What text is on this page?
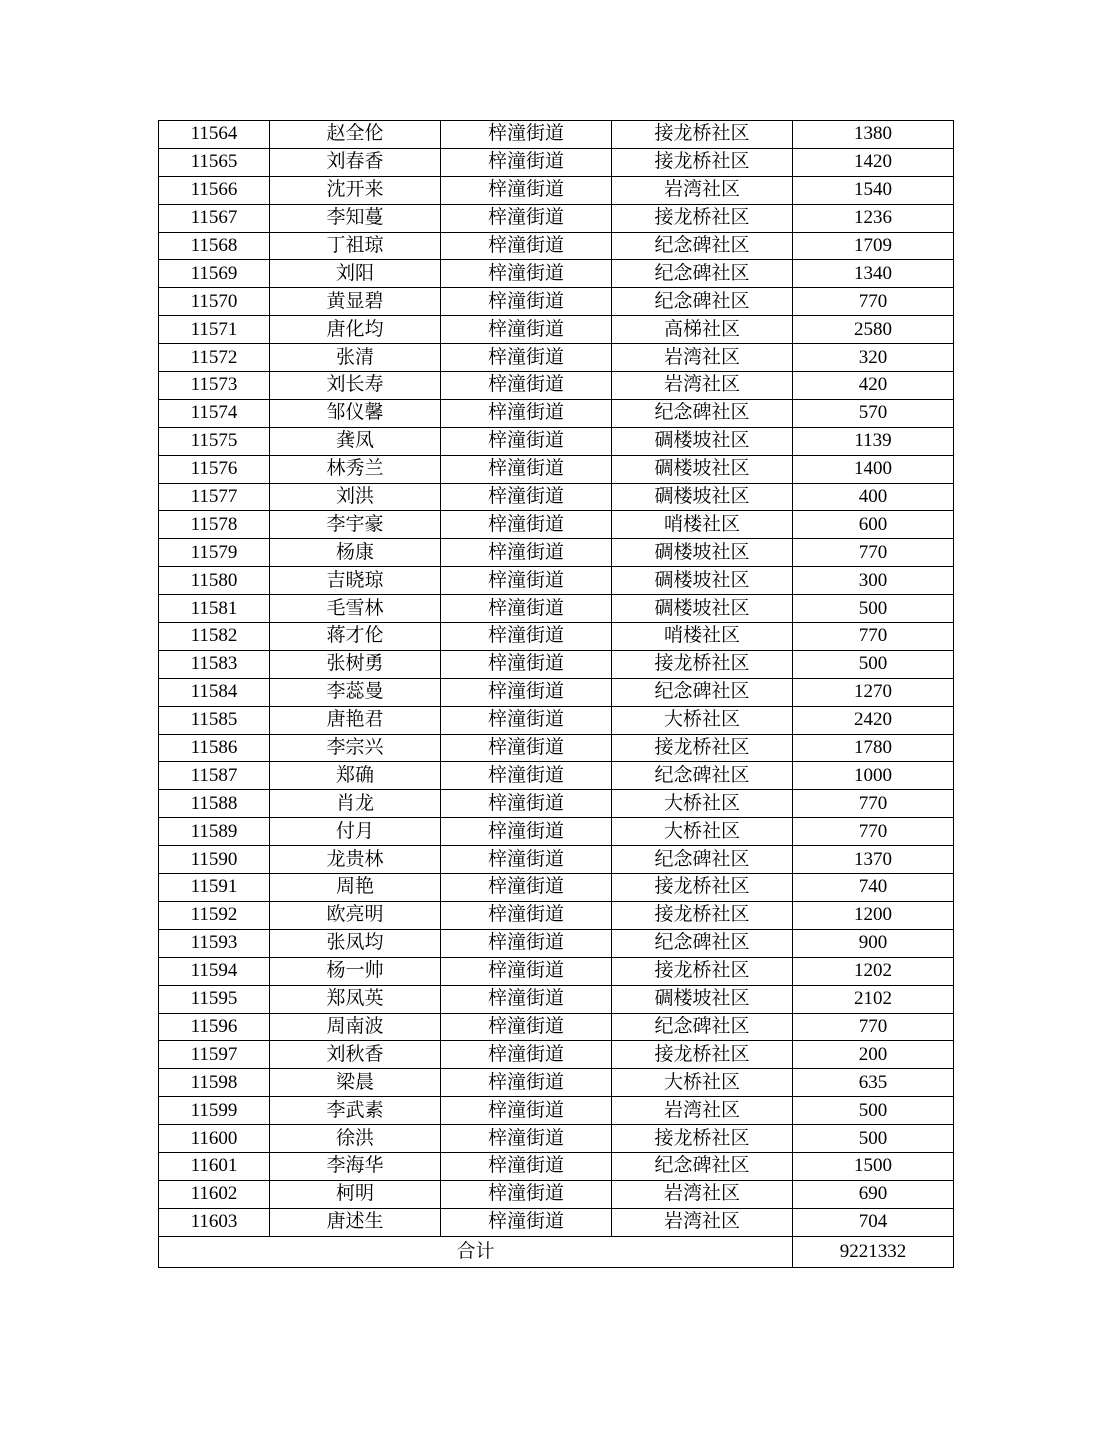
11564	赵全伦	梓潼街道	接龙桥社区	1380
11565	刘春香	梓潼街道	接龙桥社区	1420
11566	沈开来	梓潼街道	岩湾社区	1540
11567	李知蔓	梓潼街道	接龙桥社区	1236
11568	丁祖琼	梓潼街道	纪念碑社区	1709
11569	刘阳	梓潼街道	纪念碑社区	1340
11570	黄显碧	梓潼街道	纪念碑社区	770
11571	唐化均	梓潼街道	高梯社区	2580
11572	张清	梓潼街道	岩湾社区	320
11573	刘长寿	梓潼街道	岩湾社区	420
11574	邹仪馨	梓潼街道	纪念碑社区	570
11575	龚凤	梓潼街道	碉楼坡社区	1139
11576	林秀兰	梓潼街道	碉楼坡社区	1400
11577	刘洪	梓潼街道	碉楼坡社区	400
11578	李宇豪	梓潼街道	哨楼社区	600
11579	杨康	梓潼街道	碉楼坡社区	770
11580	吉晓琼	梓潼街道	碉楼坡社区	300
11581	毛雪林	梓潼街道	碉楼坡社区	500
11582	蒋才伦	梓潼街道	哨楼社区	770
11583	张树勇	梓潼街道	接龙桥社区	500
11584	李蕊曼	梓潼街道	纪念碑社区	1270
11585	唐艳君	梓潼街道	大桥社区	2420
11586	李宗兴	梓潼街道	接龙桥社区	1780
11587	郑确	梓潼街道	纪念碑社区	1000
11588	肖龙	梓潼街道	大桥社区	770
11589	付月	梓潼街道	大桥社区	770
11590	龙贵林	梓潼街道	纪念碑社区	1370
11591	周艳	梓潼街道	接龙桥社区	740
11592	欧亮明	梓潼街道	接龙桥社区	1200
11593	张凤均	梓潼街道	纪念碑社区	900
11594	杨一帅	梓潼街道	接龙桥社区	1202
11595	郑凤英	梓潼街道	碉楼坡社区	2102
11596	周南波	梓潼街道	纪念碑社区	770
11597	刘秋香	梓潼街道	接龙桥社区	200
11598	梁晨	梓潼街道	大桥社区	635
11599	李武素	梓潼街道	岩湾社区	500
11600	徐洪	梓潼街道	接龙桥社区	500
11601	李海华	梓潼街道	纪念碑社区	1500
11602	柯明	梓潼街道	岩湾社区	690
11603	唐述生	梓潼街道	岩湾社区	704
合计				9221332
